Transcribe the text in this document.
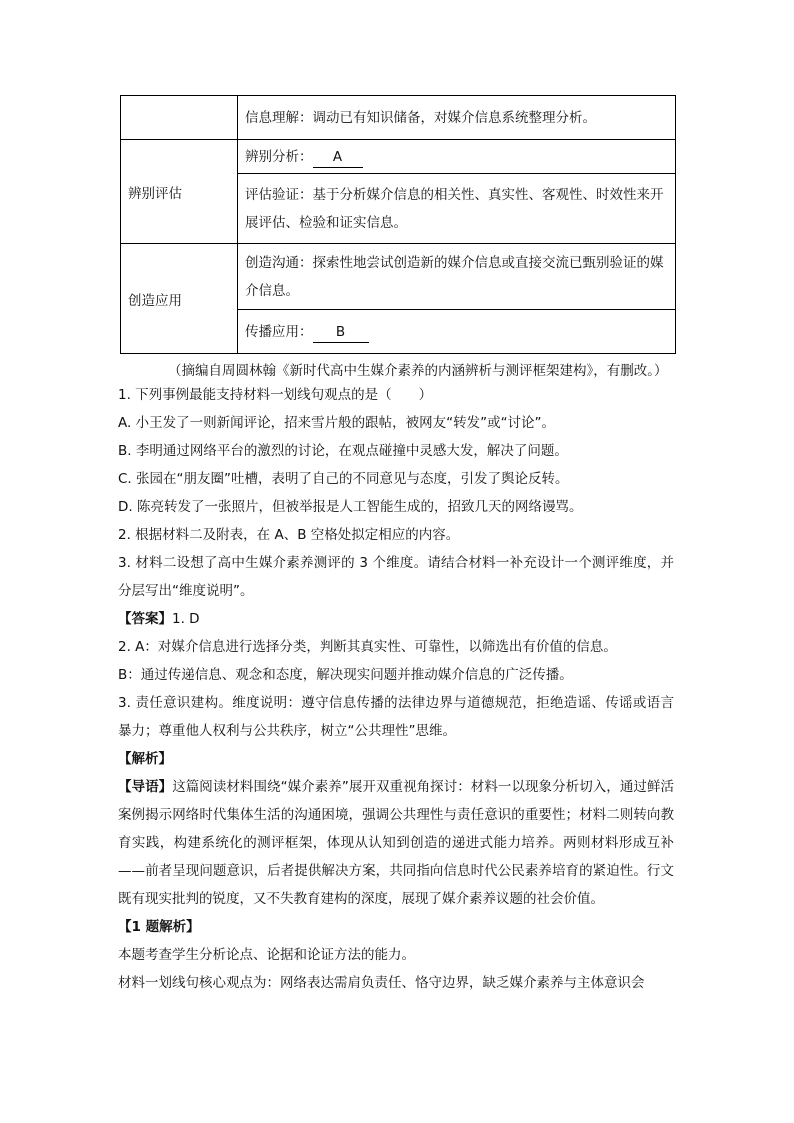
	信息理解：调动已有知识储备，对媒介信息系统整理分析。
辨别评估	辨别分析： A
	评估验证：基于分析媒介信息的相关性、真实性、客观性、时效性来开展评估、检验和证实信息。
创造应用	创造沟通：探索性地尝试创造新的媒介信息或直接交流已甄别验证的媒介信息。
	传播应用： B
（摘编自周圆林翰《新时代高中生媒介素养的内涵辨析与测评框架建构》，有删改。）

1. 下列事例最能支持材料一划线句观点的是（　　）

A. 小王发了一则新闻评论，招来雪片般的跟帖，被网友“转发”或“讨论”。

B. 李明通过网络平台的激烈的讨论，在观点碰撞中灵感大发，解决了问题。

C. 张园在“朋友圈”吐槽，表明了自己的不同意见与态度，引发了舆论反转。

D. 陈亮转发了一张照片，但被举报是人工智能生成的，招致几天的网络谩骂。

2. 根据材料二及附表，在 A、B 空格处拟定相应的内容。

3. 材料二设想了高中生媒介素养测评的 3 个维度。请结合材料一补充设计一个测评维度，并分层写出“维度说明”。

【答案】1. D

2. A：对媒介信息进行选择分类，判断其真实性、可靠性，以筛选出有价值的信息。

B：通过传递信息、观念和态度，解决现实问题并推动媒介信息的广泛传播。

3. 责任意识建构。维度说明：遵守信息传播的法律边界与道德规范，拒绝造谣、传谣或语言暴力；尊重他人权利与公共秩序，树立“公共理性”思维。

【解析】

【导语】这篇阅读材料围绕“媒介素养”展开双重视角探讨：材料一以现象分析切入，通过鲜活案例揭示网络时代集体生活的沟通困境，强调公共理性与责任意识的重要性；材料二则转向教育实践，构建系统化的测评框架，体现从认知到创造的递进式能力培养。两则材料形成互补——前者呈现问题意识，后者提供解决方案，共同指向信息时代公民素养培育的紧迫性。行文既有现实批判的锐度，又不失教育建构的深度，展现了媒介素养议题的社会价值。

【1 题解析】

本题考查学生分析论点、论据和论证方法的能力。

材料一划线句核心观点为：网络表达需肩负责任、恪守边界，缺乏媒介素养与主体意识会
